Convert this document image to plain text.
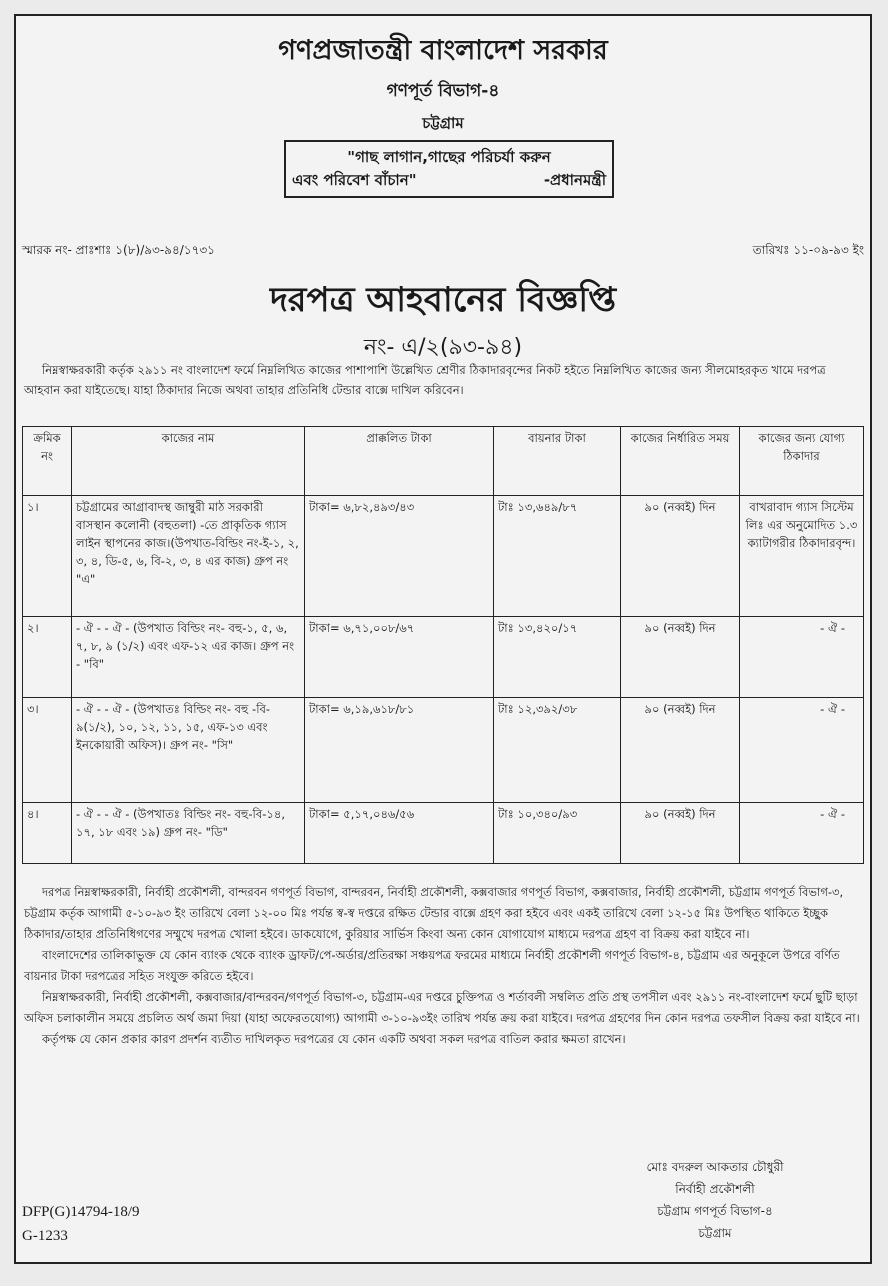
গণপ্রজাতন্ত্রী বাংলাদেশ সরকার
গণপূর্ত বিভাগ-৪
চট্টগ্রাম
"গাছ লাগান,গাছের পরিচর্যা করুন
এবং পরিবেশ বাঁচান"	-প্রধানমন্ত্রী
স্মারক নং- প্রাঃশাঃ ১(৮)/৯৩-৯৪/১৭৩১	তারিখঃ ১১-০৯-৯৩ ইং
দরপত্র আহবানের বিজ্ঞপ্তি
নং- এ/২(৯৩-৯৪)
নিম্নস্বাক্ষরকারী কর্তৃক ২৯১১ নং বাংলাদেশ ফর্মে নিম্নলিখিত কাজের পাশাপাশি উল্লেখিত শ্রেণীর ঠিকাদারবৃন্দের নিকট হইতে নিম্নলিখিত কাজের জন্য সীলমোহরকৃত খামে দরপত্র আহবান করা যাইতেছে। যাহা ঠিকাদার নিজে অথবা তাহার প্রতিনিধি টেন্ডার বাক্সে দাখিল করিবেন।
ক্রমিক নং	কাজের নাম	প্রাক্কলিত টাকা	বায়নার টাকা	কাজের নির্ধারিত সময়	কাজের জন্য যোগ্য ঠিকাদার
১।	চট্টগ্রামের আগ্রাবাদস্থ জাম্বুরী মাঠ সরকারী বাসস্থান কলোনী (বহুতলা) -তে প্রাকৃতিক গ্যাস লাইন স্থাপনের কাজ।(উপখাত-বিল্ডিং নং-ই-১, ২, ৩, ৪, ডি-৫, ৬, বি-২, ৩, ৪ এর কাজ) গ্রুপ নং "এ"	টাকা= ৬,৮২,৪৯৩/৪৩	টাঃ ১৩,৬৪৯/৮৭	৯০ (নব্বই) দিন	বাখরাবাদ গ্যাস সিস্টেম লিঃ এর অনুমোদিত ১.৩ ক্যাটাগরীর ঠিকাদারবৃন্দ।
২।	- ঐ - - ঐ - (উপখাত বিল্ডিং নং- বহু-১, ৫, ৬, ৭, ৮, ৯ (১/২) এবং এফ-১২ এর কাজ। গ্রুপ নং - "বি"	টাকা= ৬,৭১,০০৮/৬৭	টাঃ ১৩,৪২০/১৭	৯০ (নব্বই) দিন	- ঐ -
৩।	- ঐ - - ঐ - (উপখাতঃ বিল্ডিং নং- বহু -বি- ৯(১/২), ১০, ১২, ১১, ১৫, এফ-১৩ এবং ইনকোয়ারী অফিস)। গ্রুপ নং- "সি"	টাকা= ৬,১৯,৬১৮/৮১	টাঃ ১২,৩৯২/৩৮	৯০ (নব্বই) দিন	- ঐ -
৪।	- ঐ - - ঐ - (উপখাতঃ বিল্ডিং নং- বহু-বি-১৪, ১৭, ১৮ এবং ১৯) গ্রুপ নং- "ডি"	টাকা= ৫,১৭,০৪৬/৫৬	টাঃ ১০,৩৪০/৯৩	৯০ (নব্বই) দিন	- ঐ -

দরপত্র নিম্নস্বাক্ষরকারী, নির্বাহী প্রকৌশলী, বান্দরবন গণপূর্ত বিভাগ, বান্দরবন, নির্বাহী প্রকৌশলী, কক্সবাজার গণপূর্ত বিভাগ, কক্সবাজার, নির্বাহী প্রকৌশলী, চট্টগ্রাম গণপূর্ত বিভাগ-৩, চট্টগ্রাম কর্তৃক আগামী ৫-১০-৯৩ ইং তারিখে বেলা ১২-০০ মিঃ পর্যন্ত স্ব-স্ব দপ্তরে রক্ষিত টেন্ডার বাক্সে গ্রহণ করা হইবে এবং একই তারিখে বেলা ১২-১৫ মিঃ উপস্থিত থাকিতে ইচ্ছুক ঠিকাদার/তাহার প্রতিনিধিগণের সম্মুখে দরপত্র খোলা হইবে। ডাকযোগে, কুরিয়ার সার্ভিস কিংবা অন্য কোন যোগাযোগ মাধ্যমে দরপত্র গ্রহণ বা বিক্রয় করা যাইবে না।

বাংলাদেশের তালিকাভুক্ত যে কোন ব্যাংক থেকে ব্যাংক ড্রাফট/পে-অর্ডার/প্রতিরক্ষা সঞ্চয়পত্র ফরমের মাধ্যমে নির্বাহী প্রকৌশলী গণপূর্ত বিভাগ-৪, চট্টগ্রাম এর অনুকূলে উপরে বর্ণিত বায়নার টাকা দরপত্রের সহিত সংযুক্ত করিতে হইবে।

নিম্নস্বাক্ষরকারী, নির্বাহী প্রকৌশলী, কক্সবাজার/বান্দরবন/গণপূর্ত বিভাগ-৩, চট্টগ্রাম-এর দপ্তরে চুক্তিপত্র ও শর্তাবলী সম্বলিত প্রতি প্রস্থ তপসীল এবং ২৯১১ নং-বাংলাদেশ ফর্মে ছুটি ছাড়া অফিস চলাকালীন সময়ে প্রচলিত অর্থ জমা দিয়া (যাহা অফেরতযোগ্য) আগামী ৩-১০-৯৩ইং তারিখ পর্যন্ত ক্রয় করা যাইবে। দরপত্র গ্রহণের দিন কোন দরপত্র তফসীল বিক্রয় করা যাইবে না।

কর্তৃপক্ষ যে কোন প্রকার কারণ প্রদর্শন ব্যতীত দাখিলকৃত দরপত্রের যে কোন একটি অথবা সকল দরপত্র বাতিল করার ক্ষমতা রাখেন।

মোঃ বদরুল আকতার চৌধুরী
নির্বাহী প্রকৌশলী
চট্টগ্রাম গণপূর্ত বিভাগ-৪
চট্টগ্রাম
DFP(G)14794-18/9
G-1233
